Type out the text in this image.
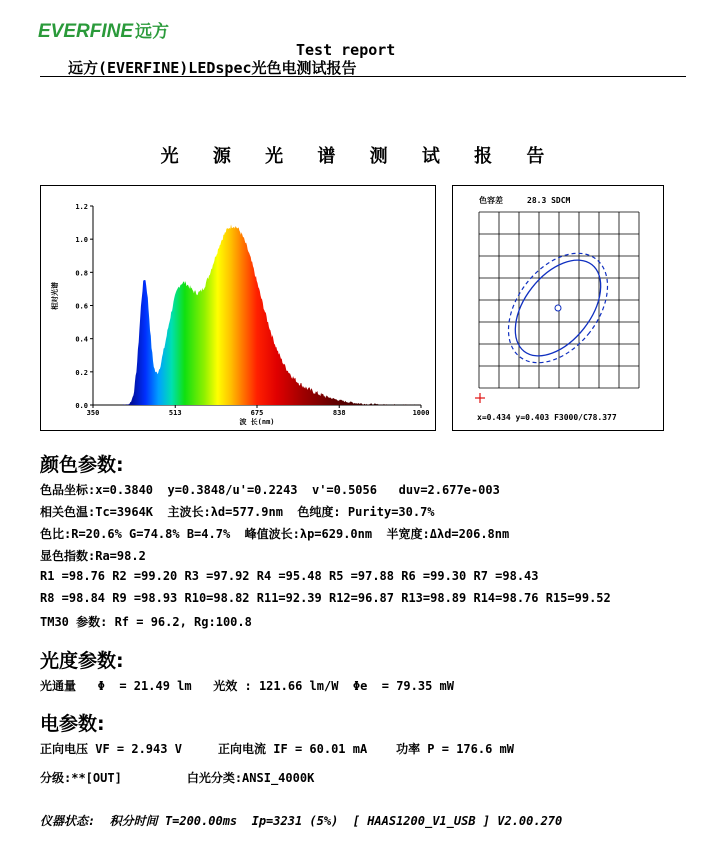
EVERFINE 远方
Test report
远方(EVERFINE)LEDspec光色电测试报告
光 源 光 谱 测 试 报 告
0.0
0.2
0.4
0.6
0.8
1.0
1.2
350	513	675	838	1000
相对光谱
波 长(nm)
色容差	28.3 SDCM
x=0.434 y=0.403 F3000/C78.377
颜色参数:
色品坐标:x=0.3840  y=0.3848/u'=0.2243  v'=0.5056   duv=2.677e-003
相关色温:Tc=3964K  主波长:λd=577.9nm  色纯度: Purity=30.7%
色比:R=20.6% G=74.8% B=4.7%  峰值波长:λp=629.0nm  半宽度:Δλd=206.8nm
显色指数:Ra=98.2
R1 =98.76 R2 =99.20 R3 =97.92 R4 =95.48 R5 =97.88 R6 =99.30 R7 =98.43
R8 =98.84 R9 =98.93 R10=98.82 R11=92.39 R12=96.87 R13=98.89 R14=98.76 R15=99.52
TM30 参数: Rf = 96.2, Rg:100.8
光度参数:
光通量   Φ  = 21.49 lm   光效 : 121.66 lm/W  Φe  = 79.35 mW
电参数:
正向电压 VF = 2.943 V     正向电流 IF = 60.01 mA    功率 P = 176.6 mW
分级:**[OUT]         白光分类:ANSI_4000K
仪器状态:  积分时间 T=200.00ms  Ip=3231 (5%)  [ HAAS1200_V1_USB ] V2.00.270
